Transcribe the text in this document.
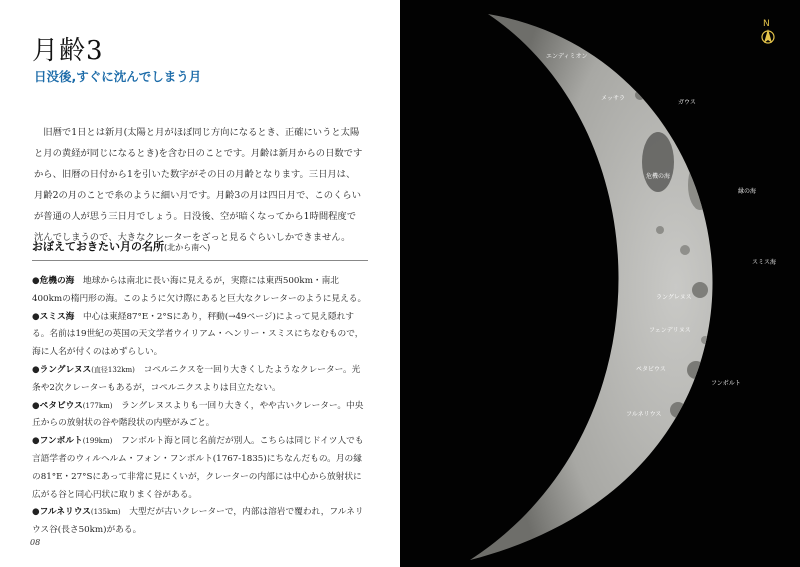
月齢3
日没後,すぐに沈んでしまう月

旧暦で1日とは新月(太陽と月がほぼ同じ方向になるとき、正確にいうと太陽と月の黄経が同じになるとき)を含む日のことです。月齢は新月からの日数ですから、旧暦の日付から1を引いた数字がその日の月齢となります。三日月は、月齢2の月のことで糸のように細い月です。月齢3の月は四日月で、このくらいが普通の人が思う三日月でしょう。日没後、空が暗くなってから1時間程度で沈んでしまうので、大きなクレーターをざっと見るぐらいしかできません。

おぼえておきたい月の名所(北から南へ)

●危機の海　 地球からは南北に長い海に見えるが，実際には東西500km・南北400kmの楕円形の海。このように欠け際にあると巨大なクレーターのように見える。

●スミス海　 中心は東経87°E・2°Sにあり，秤動(→49ページ)によって見え隠れする。名前は19世紀の英国の天文学者ウイリアム・ヘンリー・スミスにちなむもので，海に人名が付くのはめずらしい。

●ラングレヌス(直径132km)　 コペルニクスを一回り大きくしたようなクレーター。光条や2次クレーターもあるが，コペルニクスよりは目立たない。

●ペタビウス(177km)　 ラングレヌスよりも一回り大きく，やや古いクレーター。中央丘からの放射状の谷や階段状の内壁がみごと。

●フンボルト(199km)　 フンボルト海と同じ名前だが別人。こちらは同じドイツ人でも言語学者のウィルヘルム・フォン・フンボルト(1767-1835)にちなんだもの。月の縁の81°E・27°Sにあって非常に見にくいが，クレーターの内部には中心から放射状に広がる谷と同心円状に取りまく谷がある。

●フルネリウス(135km)　 大型だが古いクレーターで，内部は溶岩で覆われ，フルネリウス谷(長さ50km)がある。

08
N
エンディミオン
メッサラ
ガウス
危機の海
縁の海
スミス海
ラングレヌス
フェンデリヌス
ペタビウス
フンボルト
フルネリウス
